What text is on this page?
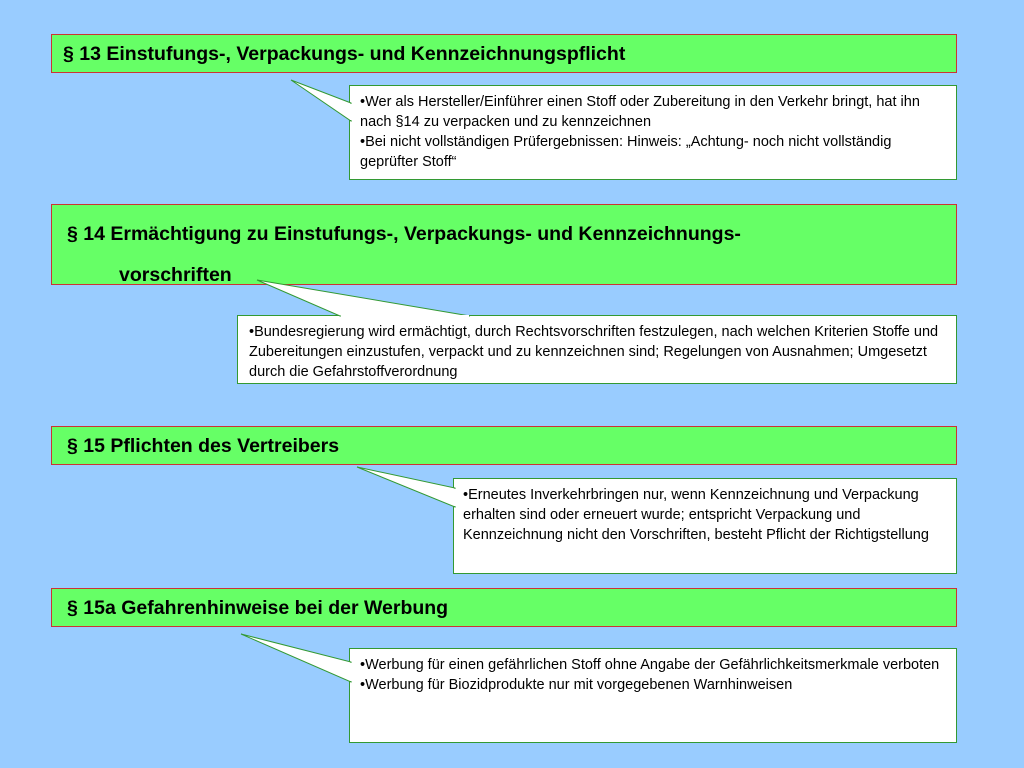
§ 13 Einstufungs-, Verpackungs- und Kennzeichnungspflicht

•Wer als Hersteller/Einführer einen Stoff oder Zubereitung in den Verkehr bringt, hat ihn nach §14 zu verpacken und zu kennzeichnen

•Bei nicht vollständigen Prüfergebnissen: Hinweis: „Achtung- noch nicht vollständig geprüfter Stoff“

§ 14 Ermächtigung zu Einstufungs-, Verpackungs- und Kennzeichnungs-
vorschriften

•Bundesregierung wird ermächtigt, durch Rechtsvorschriften festzulegen, nach welchen Kriterien Stoffe und Zubereitungen einzustufen, verpackt und zu kennzeichnen sind; Regelungen von Ausnahmen; Umgesetzt durch die Gefahrstoffverordnung

§ 15 Pflichten des Vertreibers

•Erneutes Inverkehrbringen nur, wenn Kennzeichnung und Verpackung erhalten sind oder erneuert wurde; entspricht Verpackung und Kennzeichnung nicht den Vorschriften, besteht Pflicht der Richtigstellung

§ 15a Gefahrenhinweise bei der Werbung

•Werbung für einen gefährlichen Stoff ohne Angabe der Gefährlichkeitsmerkmale verboten

•Werbung für Biozidprodukte nur mit vorgegebenen Warnhinweisen
